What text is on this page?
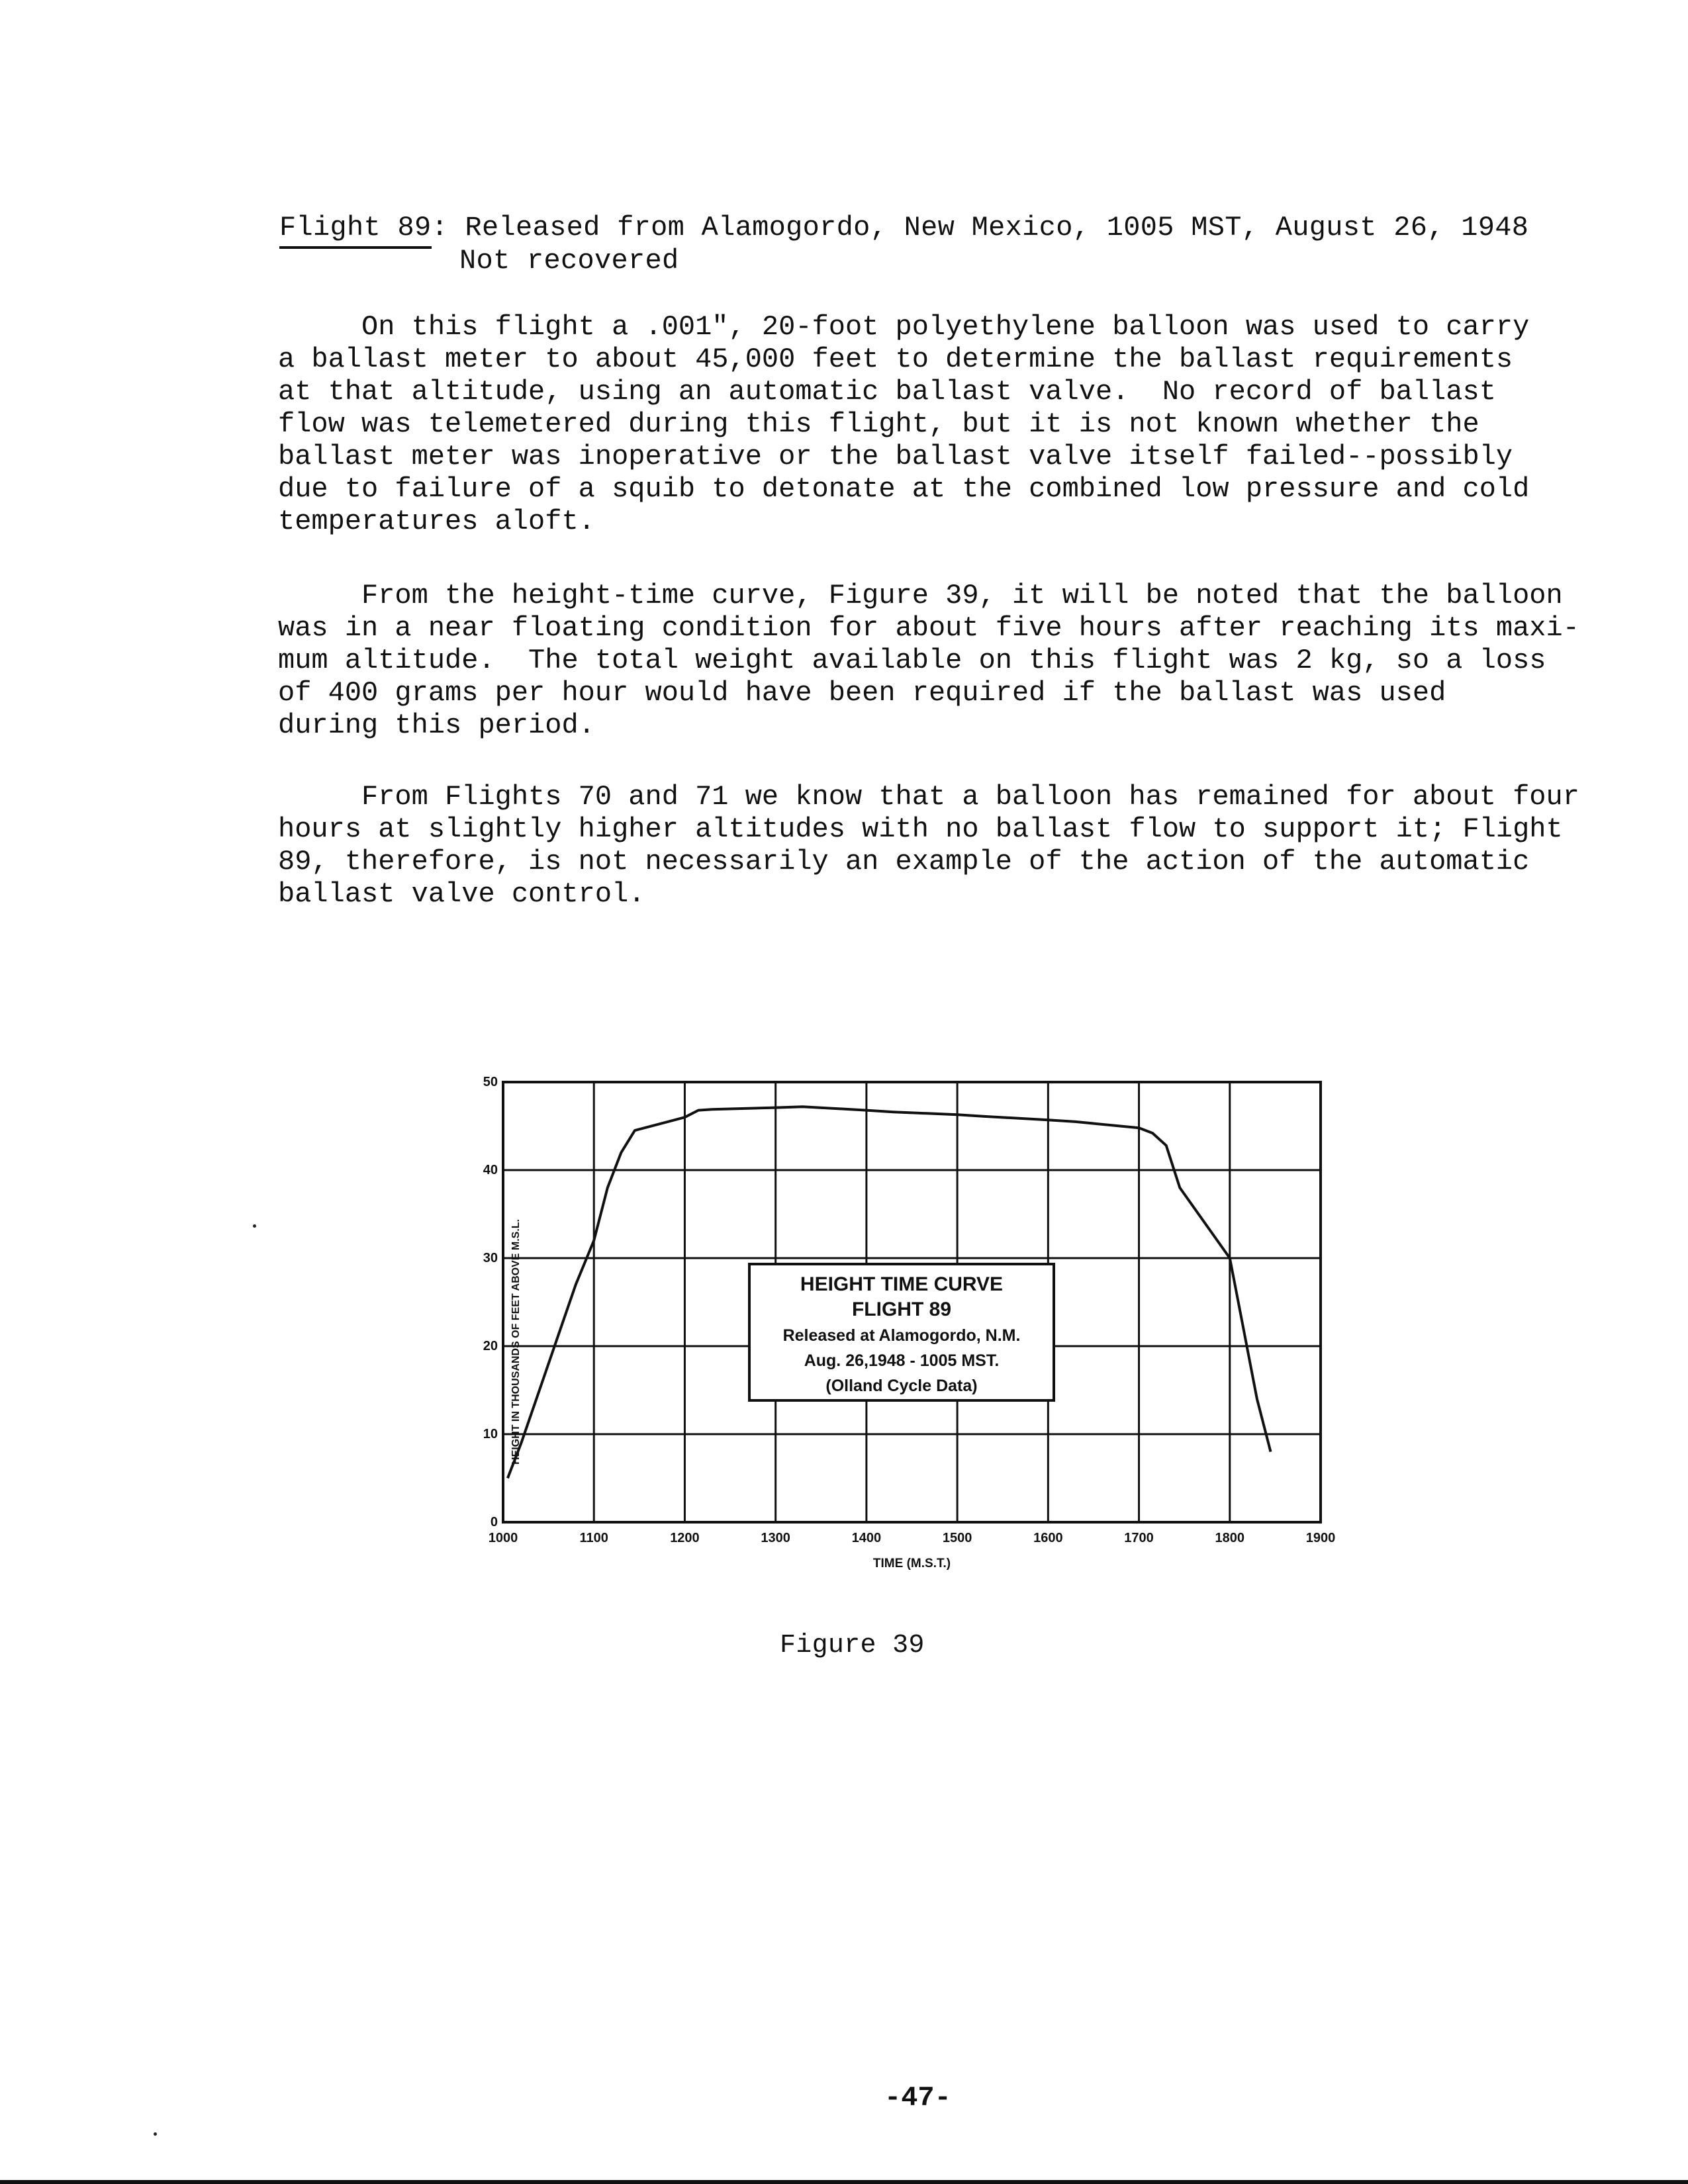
Flight 89: Released from Alamogordo, New Mexico, 1005 MST, August 26, 1948
Not recovered
On this flight a .001", 20-foot polyethylene balloon was used to carry
a ballast meter to about 45,000 feet to determine the ballast requirements
at that altitude, using an automatic ballast valve.  No record of ballast
flow was telemetered during this flight, but it is not known whether the
ballast meter was inoperative or the ballast valve itself failed--possibly
due to failure of a squib to detonate at the combined low pressure and cold
temperatures aloft.
From the height-time curve, Figure 39, it will be noted that the balloon
was in a near floating condition for about five hours after reaching its maxi-
mum altitude.  The total weight available on this flight was 2 kg, so a loss
of 400 grams per hour would have been required if the ballast was used
during this period.
From Flights 70 and 71 we know that a balloon has remained for about four
hours at slightly higher altitudes with no ballast flow to support it; Flight
89, therefore, is not necessarily an example of the action of the automatic
ballast valve control.
1000	1100	1200	1300	1400	1500	1600	1700	1800	1900
0
10
20
30
40
50
TIME (M.S.T.)
HEIGHT IN THOUSANDS OF FEET ABOVE M.S.L.	HEIGHT TIME CURVE
FLIGHT 89
Released at Alamogordo, N.M.
Aug. 26,1948 - 1005 MST.
(Olland Cycle Data)
Figure 39
-47-
